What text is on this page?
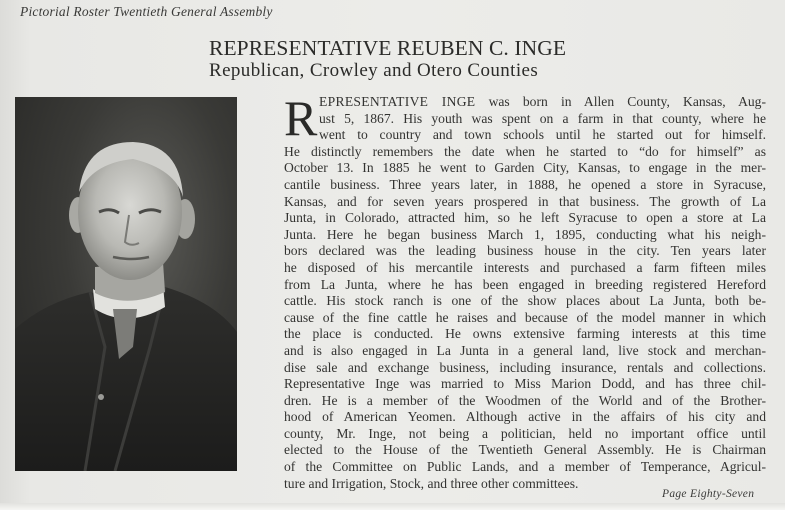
Pictorial Roster Twentieth General Assembly
REPRESENTATIVE REUBEN C. INGE
Republican, Crowley and Otero Counties
R EPRESENTATIVE INGE was born in Allen County, Kansas, Aug-
ust 5, 1867. His youth was spent on a farm in that county, where he
went to country and town schools until he started out for himself.
He distinctly remembers the date when he started to “do for himself” as
October 13. In 1885 he went to Garden City, Kansas, to engage in the mer-
cantile business. Three years later, in 1888, he opened a store in Syracuse,
Kansas, and for seven years prospered in that business. The growth of La
Junta, in Colorado, attracted him, so he left Syracuse to open a store at La
Junta. Here he began business March 1, 1895, conducting what his neigh-
bors declared was the leading business house in the city. Ten years later
he disposed of his mercantile interests and purchased a farm fifteen miles
from La Junta, where he has been engaged in breeding registered Hereford
cattle. His stock ranch is one of the show places about La Junta, both be-
cause of the fine cattle he raises and because of the model manner in which
the place is conducted. He owns extensive farming interests at this time
and is also engaged in La Junta in a general land, live stock and merchan-
dise sale and exchange business, including insurance, rentals and collections.
Representative Inge was married to Miss Marion Dodd, and has three chil-
dren. He is a member of the Woodmen of the World and of the Brother-
hood of American Yeomen. Although active in the affairs of his city and
county, Mr. Inge, not being a politician, held no important office until
elected to the House of the Twentieth General Assembly. He is Chairman
of the Committee on Public Lands, and a member of Temperance, Agricul-
ture and Irrigation, Stock, and three other committees.
Page Eighty-Seven
